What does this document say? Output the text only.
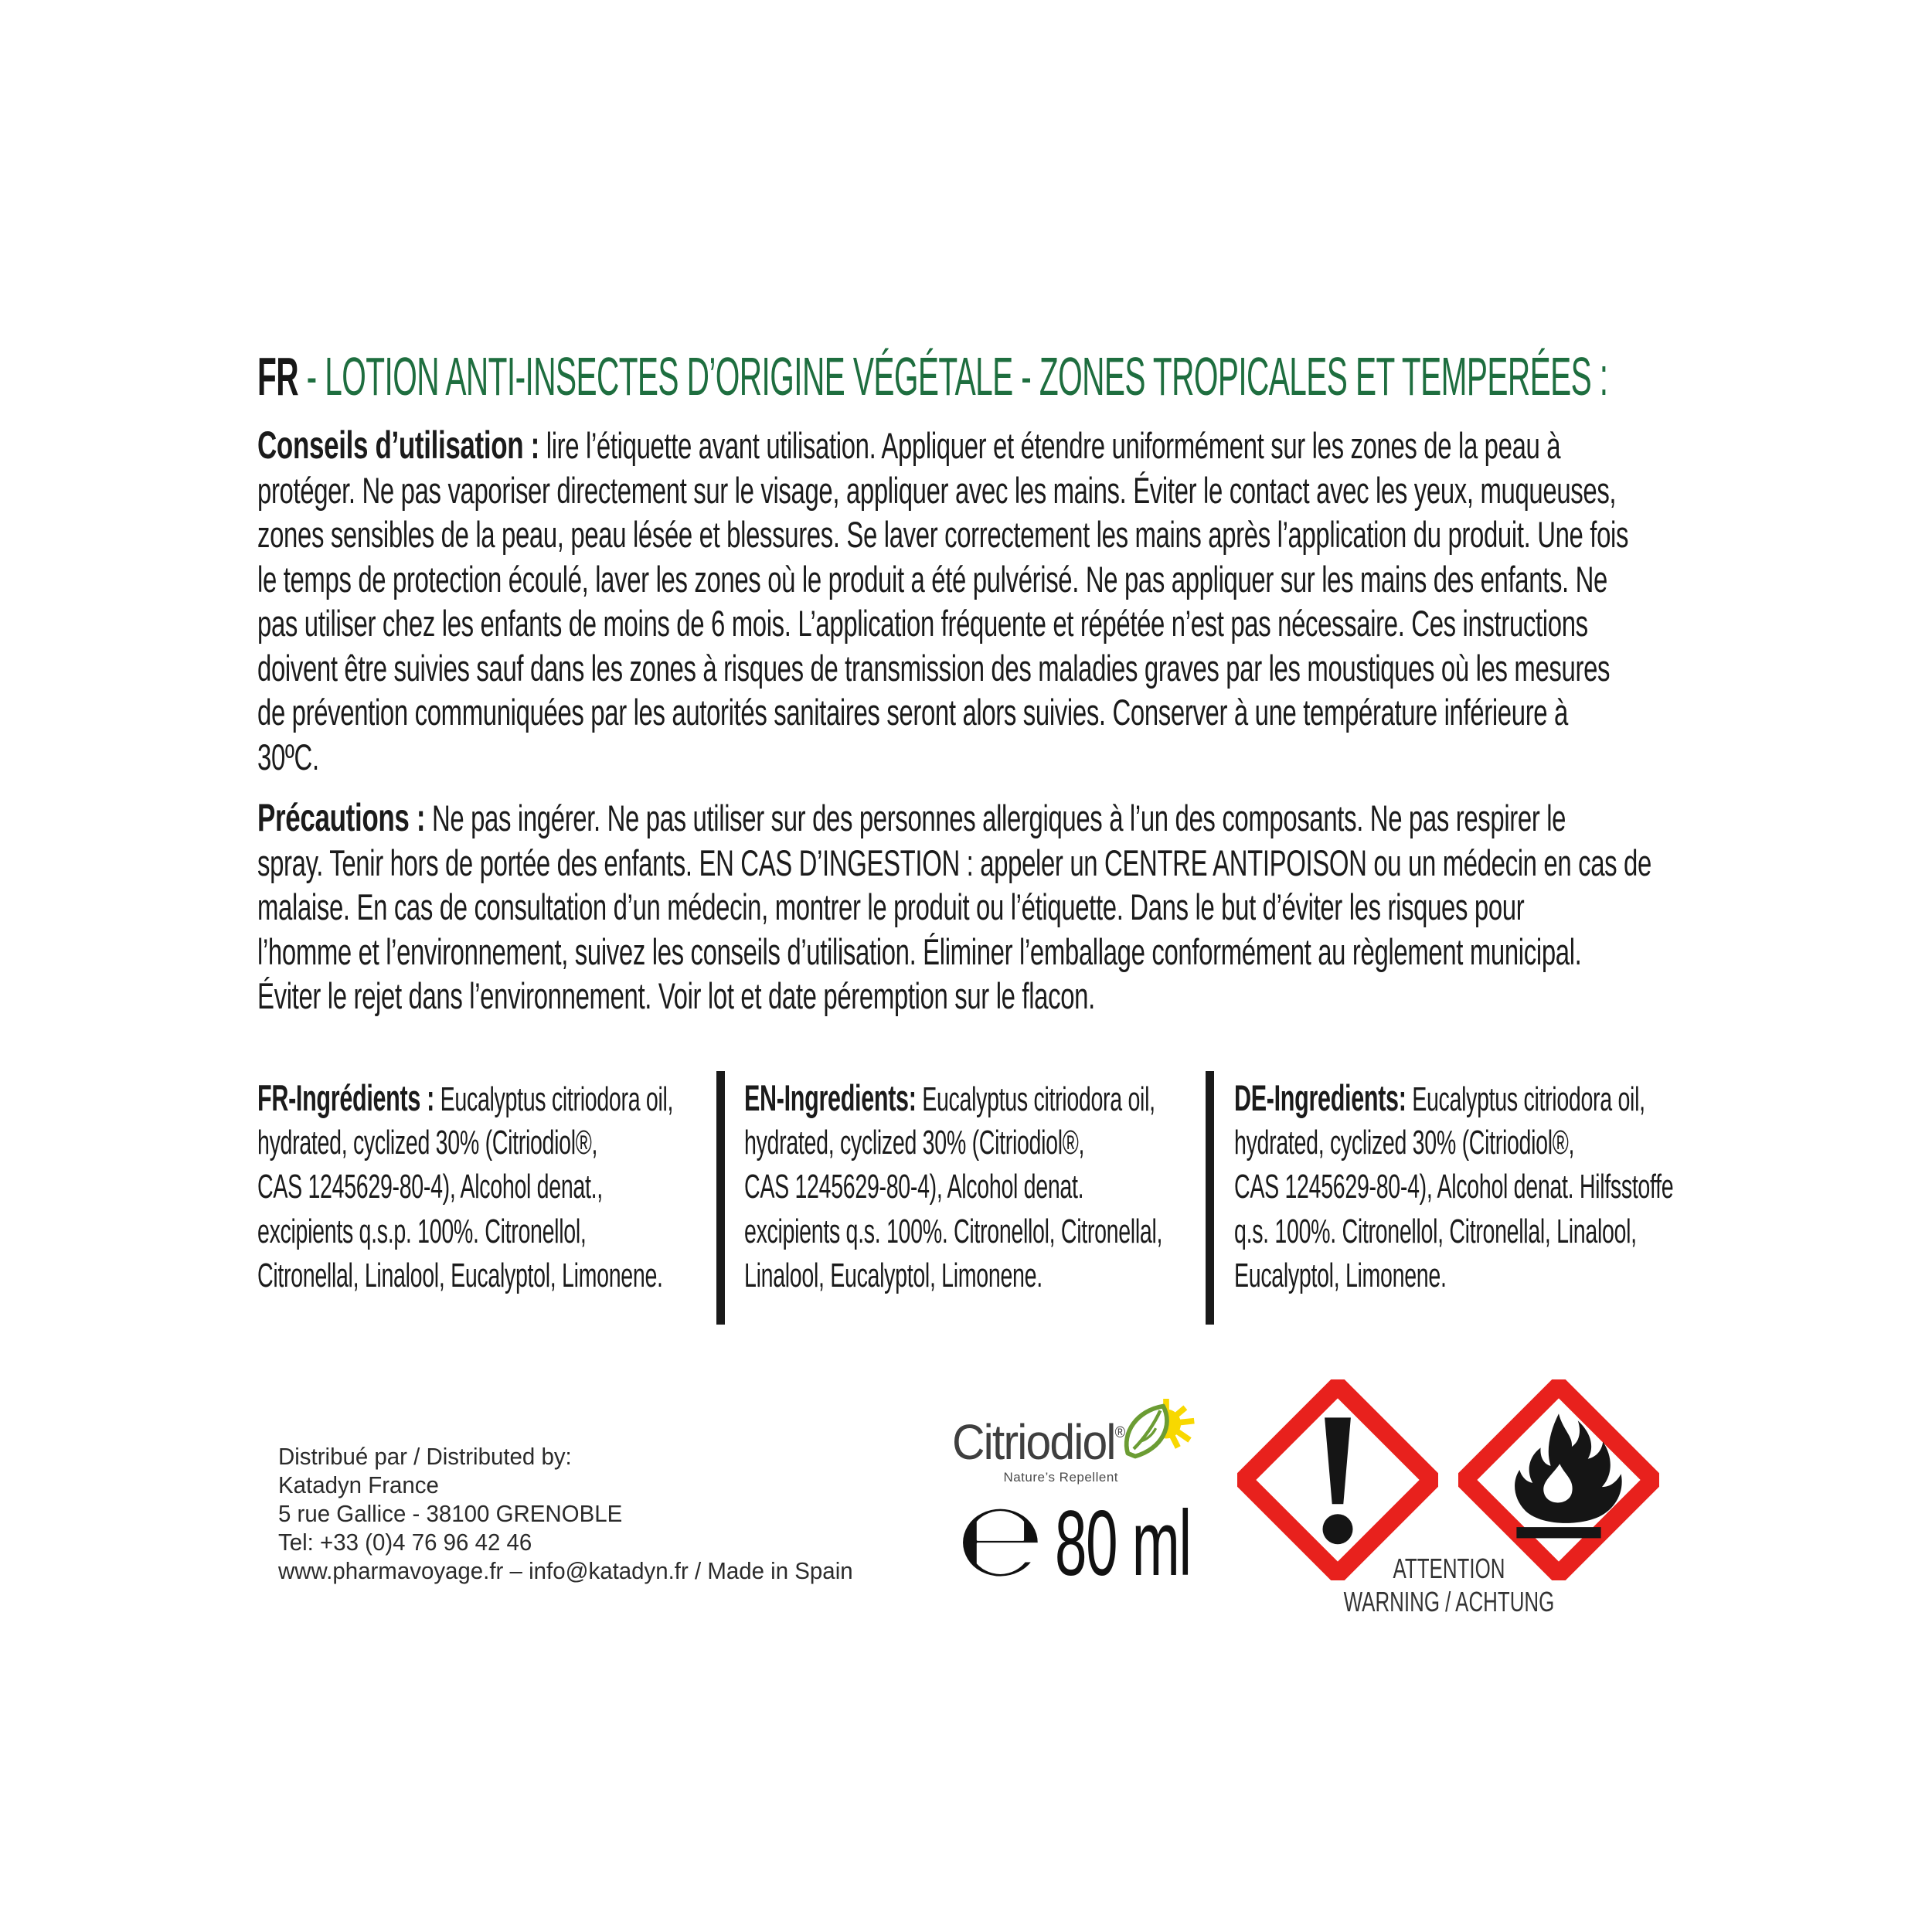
FR - LOTION ANTI-INSECTES D’ORIGINE VÉGÉTALE - ZONES TROPICALES ET TEMPERÉES :
Conseils d’utilisation : lire l’étiquette avant utilisation. Appliquer et étendre uniformément sur les zones de la peau à
protéger. Ne pas vaporiser directement sur le visage, appliquer avec les mains. Éviter le contact avec les yeux, muqueuses,
zones sensibles de la peau, peau lésée et blessures. Se laver correctement les mains après l’application du produit. Une fois
le temps de protection écoulé, laver les zones où le produit a été pulvérisé. Ne pas appliquer sur les mains des enfants. Ne
pas utiliser chez les enfants de moins de 6 mois. L’application fréquente et répétée n’est pas nécessaire. Ces instructions
doivent être suivies sauf dans les zones à risques de transmission des maladies graves par les moustiques où les mesures
de prévention communiquées par les autorités sanitaires seront alors suivies. Conserver à une température inférieure à
30ºC.
Précautions : Ne pas ingérer. Ne pas utiliser sur des personnes allergiques à l’un des composants. Ne pas respirer le
spray. Tenir hors de portée des enfants. EN CAS D’INGESTION : appeler un CENTRE ANTIPOISON ou un médecin en cas de
malaise. En cas de consultation d’un médecin, montrer le produit ou l’étiquette. Dans le but d’éviter les risques pour
l’homme et l’environnement, suivez les conseils d’utilisation. Éliminer l’emballage conformément au règlement municipal.
Éviter le rejet dans l’environnement. Voir lot et date péremption sur le flacon.
FR-Ingrédients : Eucalyptus citriodora oil,
hydrated, cyclized 30% (Citriodiol®,
CAS 1245629-80-4), Alcohol denat.,
excipients q.s.p. 100%. Citronellol,
Citronellal, Linalool, Eucalyptol, Limonene.
EN-Ingredients: Eucalyptus citriodora oil,
hydrated, cyclized 30% (Citriodiol®,
CAS 1245629-80-4), Alcohol denat.
excipients q.s. 100%. Citronellol, Citronellal,
Linalool, Eucalyptol, Limonene.
DE-Ingredients: Eucalyptus citriodora oil,
hydrated, cyclized 30% (Citriodiol®,
CAS 1245629-80-4), Alcohol denat. Hilfsstoffe
q.s. 100%. Citronellol, Citronellal, Linalool,
Eucalyptol, Limonene.
Distribué par / Distributed by:
Katadyn France
5 rue Gallice - 38100 GRENOBLE
Tel: +33 (0)4 76 96 42 46
www.pharmavoyage.fr – info@katadyn.fr / Made in Spain
Citriodiol®
Nature’s Repellent
℮ 80 ml	ATTENTION
WARNING / ACHTUNG
